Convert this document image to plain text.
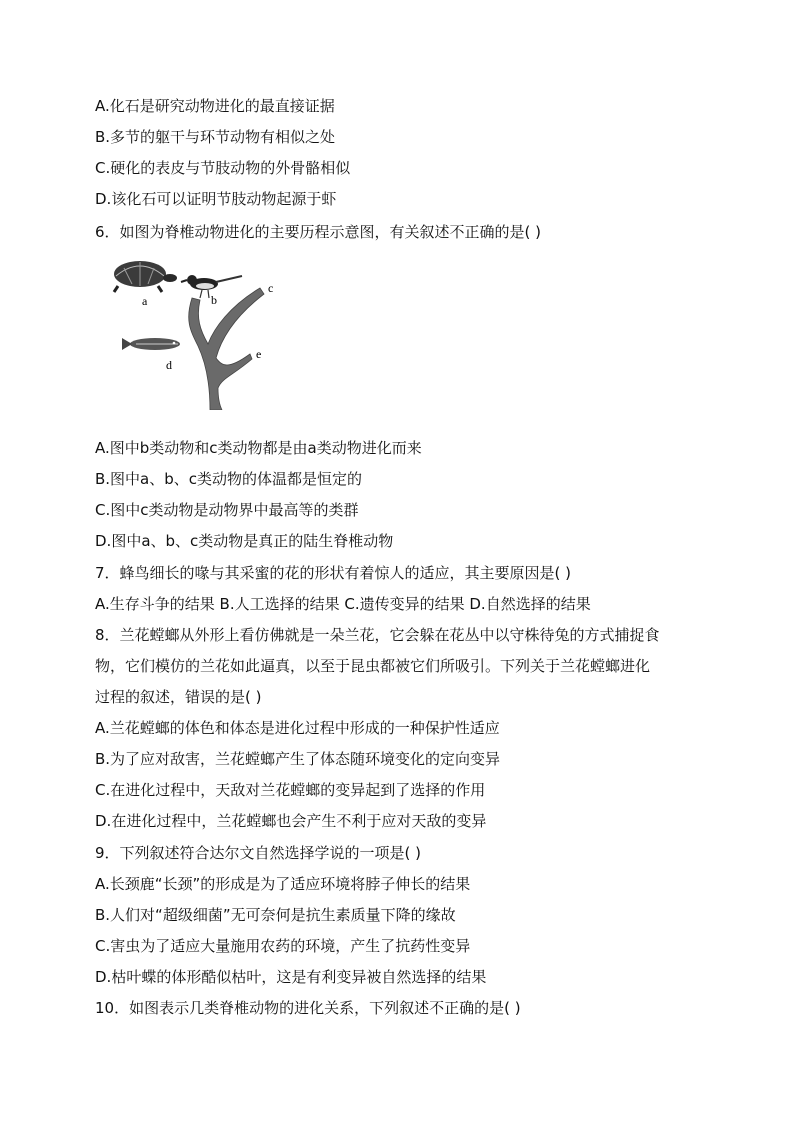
A.化石是研究动物进化的最直接证据
B.多节的躯干与环节动物有相似之处
C.硬化的表皮与节肢动物的外骨骼相似
D.该化石可以证明节肢动物起源于虾
6．如图为脊椎动物进化的主要历程示意图，有关叙述不正确的是( )
a	b
c
d
e
A.图中b类动物和c类动物都是由a类动物进化而来
B.图中a、b、c类动物的体温都是恒定的
C.图中c类动物是动物界中最高等的类群
D.图中a、b、c类动物是真正的陆生脊椎动物
7．蜂鸟细长的喙与其采蜜的花的形状有着惊人的适应，其主要原因是( )
A.生存斗争的结果 B.人工选择的结果 C.遗传变异的结果 D.自然选择的结果
8．兰花螳螂从外形上看仿佛就是一朵兰花，它会躲在花丛中以守株待兔的方式捕捉食
物，它们模仿的兰花如此逼真，以至于昆虫都被它们所吸引。下列关于兰花螳螂进化
过程的叙述，错误的是( )
A.兰花螳螂的体色和体态是进化过程中形成的一种保护性适应
B.为了应对敌害，兰花螳螂产生了体态随环境变化的定向变异
C.在进化过程中，天敌对兰花螳螂的变异起到了选择的作用
D.在进化过程中，兰花螳螂也会产生不利于应对天敌的变异
9．下列叙述符合达尔文自然选择学说的一项是( )
A.长颈鹿“长颈”的形成是为了适应环境将脖子伸长的结果
B.人们对“超级细菌”无可奈何是抗生素质量下降的缘故
C.害虫为了适应大量施用农药的环境，产生了抗药性变异
D.枯叶蝶的体形酷似枯叶，这是有利变异被自然选择的结果
10．如图表示几类脊椎动物的进化关系，下列叙述不正确的是( )
